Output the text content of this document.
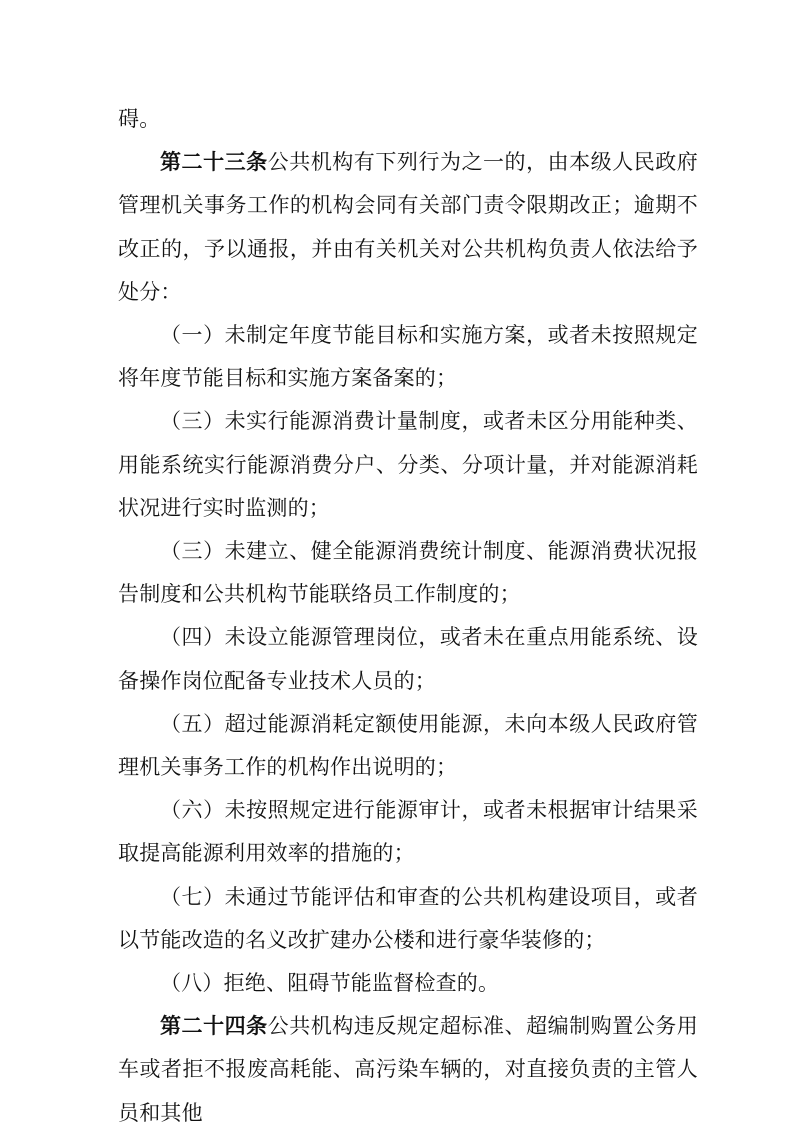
碍。

第二十三条公共机构有下列行为之一的，由本级人民政府管理机关事务工作的机构会同有关部门责令限期改正；逾期不改正的，予以通报，并由有关机关对公共机构负责人依法给予处分：

（一）未制定年度节能目标和实施方案，或者未按照规定将年度节能目标和实施方案备案的；

（三）未实行能源消费计量制度，或者未区分用能种类、用能系统实行能源消费分户、分类、分项计量，并对能源消耗状况进行实时监测的；

（三）未建立、健全能源消费统计制度、能源消费状况报告制度和公共机构节能联络员工作制度的；

（四）未设立能源管理岗位，或者未在重点用能系统、设备操作岗位配备专业技术人员的；

（五）超过能源消耗定额使用能源，未向本级人民政府管理机关事务工作的机构作出说明的；

（六）未按照规定进行能源审计，或者未根据审计结果采取提高能源利用效率的措施的；

（七）未通过节能评估和审查的公共机构建设项目，或者以节能改造的名义改扩建办公楼和进行豪华装修的；

（八）拒绝、阻碍节能监督检查的。

第二十四条公共机构违反规定超标准、超编制购置公务用车或者拒不报废高耗能、高污染车辆的，对直接负责的主管人员和其他
